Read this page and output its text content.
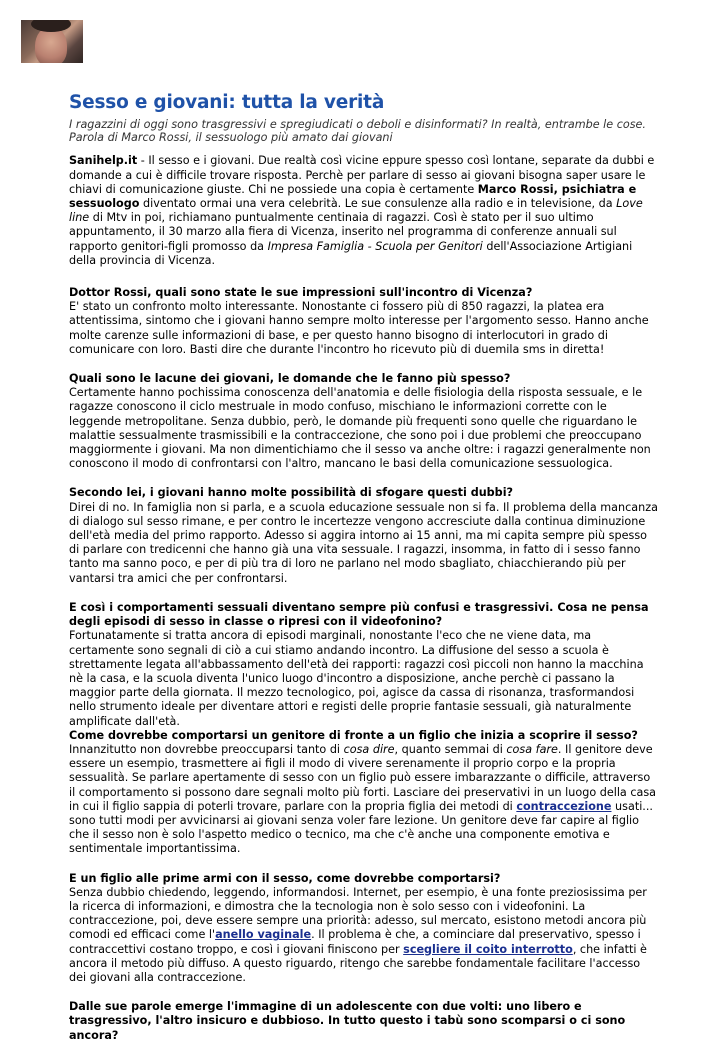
Sesso e giovani: tutta la verità
I ragazzini di oggi sono trasgressivi e spregiudicati o deboli e disinformati? In realtà, entrambe le cose. Parola di Marco Rossi, il sessuologo più amato dai giovani

Sanihelp.it - Il sesso e i giovani. Due realtà così vicine eppure spesso così lontane, separate da dubbi e domande a cui è difficile trovare risposta. Perchè per parlare di sesso ai giovani bisogna saper usare le chiavi di comunicazione giuste. Chi ne possiede una copia è certamente Marco Rossi, psichiatra e sessuologo diventato ormai una vera celebrità. Le sue consulenze alla radio e in televisione, da Love line di Mtv in poi, richiamano puntualmente centinaia di ragazzi. Così è stato per il suo ultimo appuntamento, il 30 marzo alla fiera di Vicenza, inserito nel programma di conferenze annuali sul rapporto genitori-figli promosso da Impresa Famiglia - Scuola per Genitori dell'Associazione Artigiani della provincia di Vicenza.

Dottor Rossi, quali sono state le sue impressioni sull'incontro di Vicenza?

E' stato un confronto molto interessante. Nonostante ci fossero più di 850 ragazzi, la platea era attentissima, sintomo che i giovani hanno sempre molto interesse per l'argomento sesso. Hanno anche molte carenze sulle informazioni di base, e per questo hanno bisogno di interlocutori in grado di comunicare con loro. Basti dire che durante l'incontro ho ricevuto più di duemila sms in diretta!

Quali sono le lacune dei giovani, le domande che le fanno più spesso?

Certamente hanno pochissima conoscenza dell'anatomia e delle fisiologia della risposta sessuale, e le ragazze conoscono il ciclo mestruale in modo confuso, mischiano le informazioni corrette con le leggende metropolitane. Senza dubbio, però, le domande più frequenti sono quelle che riguardano le malattie sessualmente trasmissibili e la contraccezione, che sono poi i due problemi che preoccupano maggiormente i giovani. Ma non dimentichiamo che il sesso va anche oltre: i ragazzi generalmente non conoscono il modo di confrontarsi con l'altro, mancano le basi della comunicazione sessuologica.

Secondo lei, i giovani hanno molte possibilità di sfogare questi dubbi?

Direi di no. In famiglia non si parla, e a scuola educazione sessuale non si fa. Il problema della mancanza di dialogo sul sesso rimane, e per contro le incertezze vengono accresciute dalla continua diminuzione dell'età media del primo rapporto. Adesso si aggira intorno ai 15 anni, ma mi capita sempre più spesso di parlare con tredicenni che hanno già una vita sessuale. I ragazzi, insomma, in fatto di i sesso fanno tanto ma sanno poco, e per di più tra di loro ne parlano nel modo sbagliato, chiacchierando più per vantarsi tra amici che per confrontarsi.

E così i comportamenti sessuali diventano sempre più confusi e trasgressivi. Cosa ne pensa degli episodi di sesso in classe o ripresi con il videofonino?

Fortunatamente si tratta ancora di episodi marginali, nonostante l'eco che ne viene data, ma certamente sono segnali di ciò a cui stiamo andando incontro. La diffusione del sesso a scuola è strettamente legata all'abbassamento dell'età dei rapporti: ragazzi così piccoli non hanno la macchina nè la casa, e la scuola diventa l'unico luogo d'incontro a disposizione, anche perchè ci passano la maggior parte della giornata. Il mezzo tecnologico, poi, agisce da cassa di risonanza, trasformandosi nello strumento ideale per diventare attori e registi delle proprie fantasie sessuali, già naturalmente amplificate dall'età.

Come dovrebbe comportarsi un genitore di fronte a un figlio che inizia a scoprire il sesso?

Innanzitutto non dovrebbe preoccuparsi tanto di cosa dire, quanto semmai di cosa fare. Il genitore deve essere un esempio, trasmettere ai figli il modo di vivere serenamente il proprio corpo e la propria sessualità. Se parlare apertamente di sesso con un figlio può essere imbarazzante o difficile, attraverso il comportamento si possono dare segnali molto più forti. Lasciare dei preservativi in un luogo della casa in cui il figlio sappia di poterli trovare, parlare con la propria figlia dei metodi di contraccezione usati... sono tutti modi per avvicinarsi ai giovani senza voler fare lezione. Un genitore deve far capire al figlio che il sesso non è solo l'aspetto medico o tecnico, ma che c'è anche una componente emotiva e sentimentale importantissima.

E un figlio alle prime armi con il sesso, come dovrebbe comportarsi?

Senza dubbio chiedendo, leggendo, informandosi. Internet, per esempio, è una fonte preziosissima per la ricerca di informazioni, e dimostra che la tecnologia non è solo sesso con i videofonini. La contraccezione, poi, deve essere sempre una priorità: adesso, sul mercato, esistono metodi ancora più comodi ed efficaci come l'anello vaginale. Il problema è che, a cominciare dal preservativo, spesso i contraccettivi costano troppo, e così i giovani finiscono per scegliere il coito interrotto, che infatti è ancora il metodo più diffuso. A questo riguardo, ritengo che sarebbe fondamentale facilitare l'accesso dei giovani alla contraccezione.

Dalle sue parole emerge l'immagine di un adolescente con due volti: uno libero e trasgressivo, l'altro insicuro e dubbioso. In tutto questo i tabù sono scomparsi o ci sono ancora?
